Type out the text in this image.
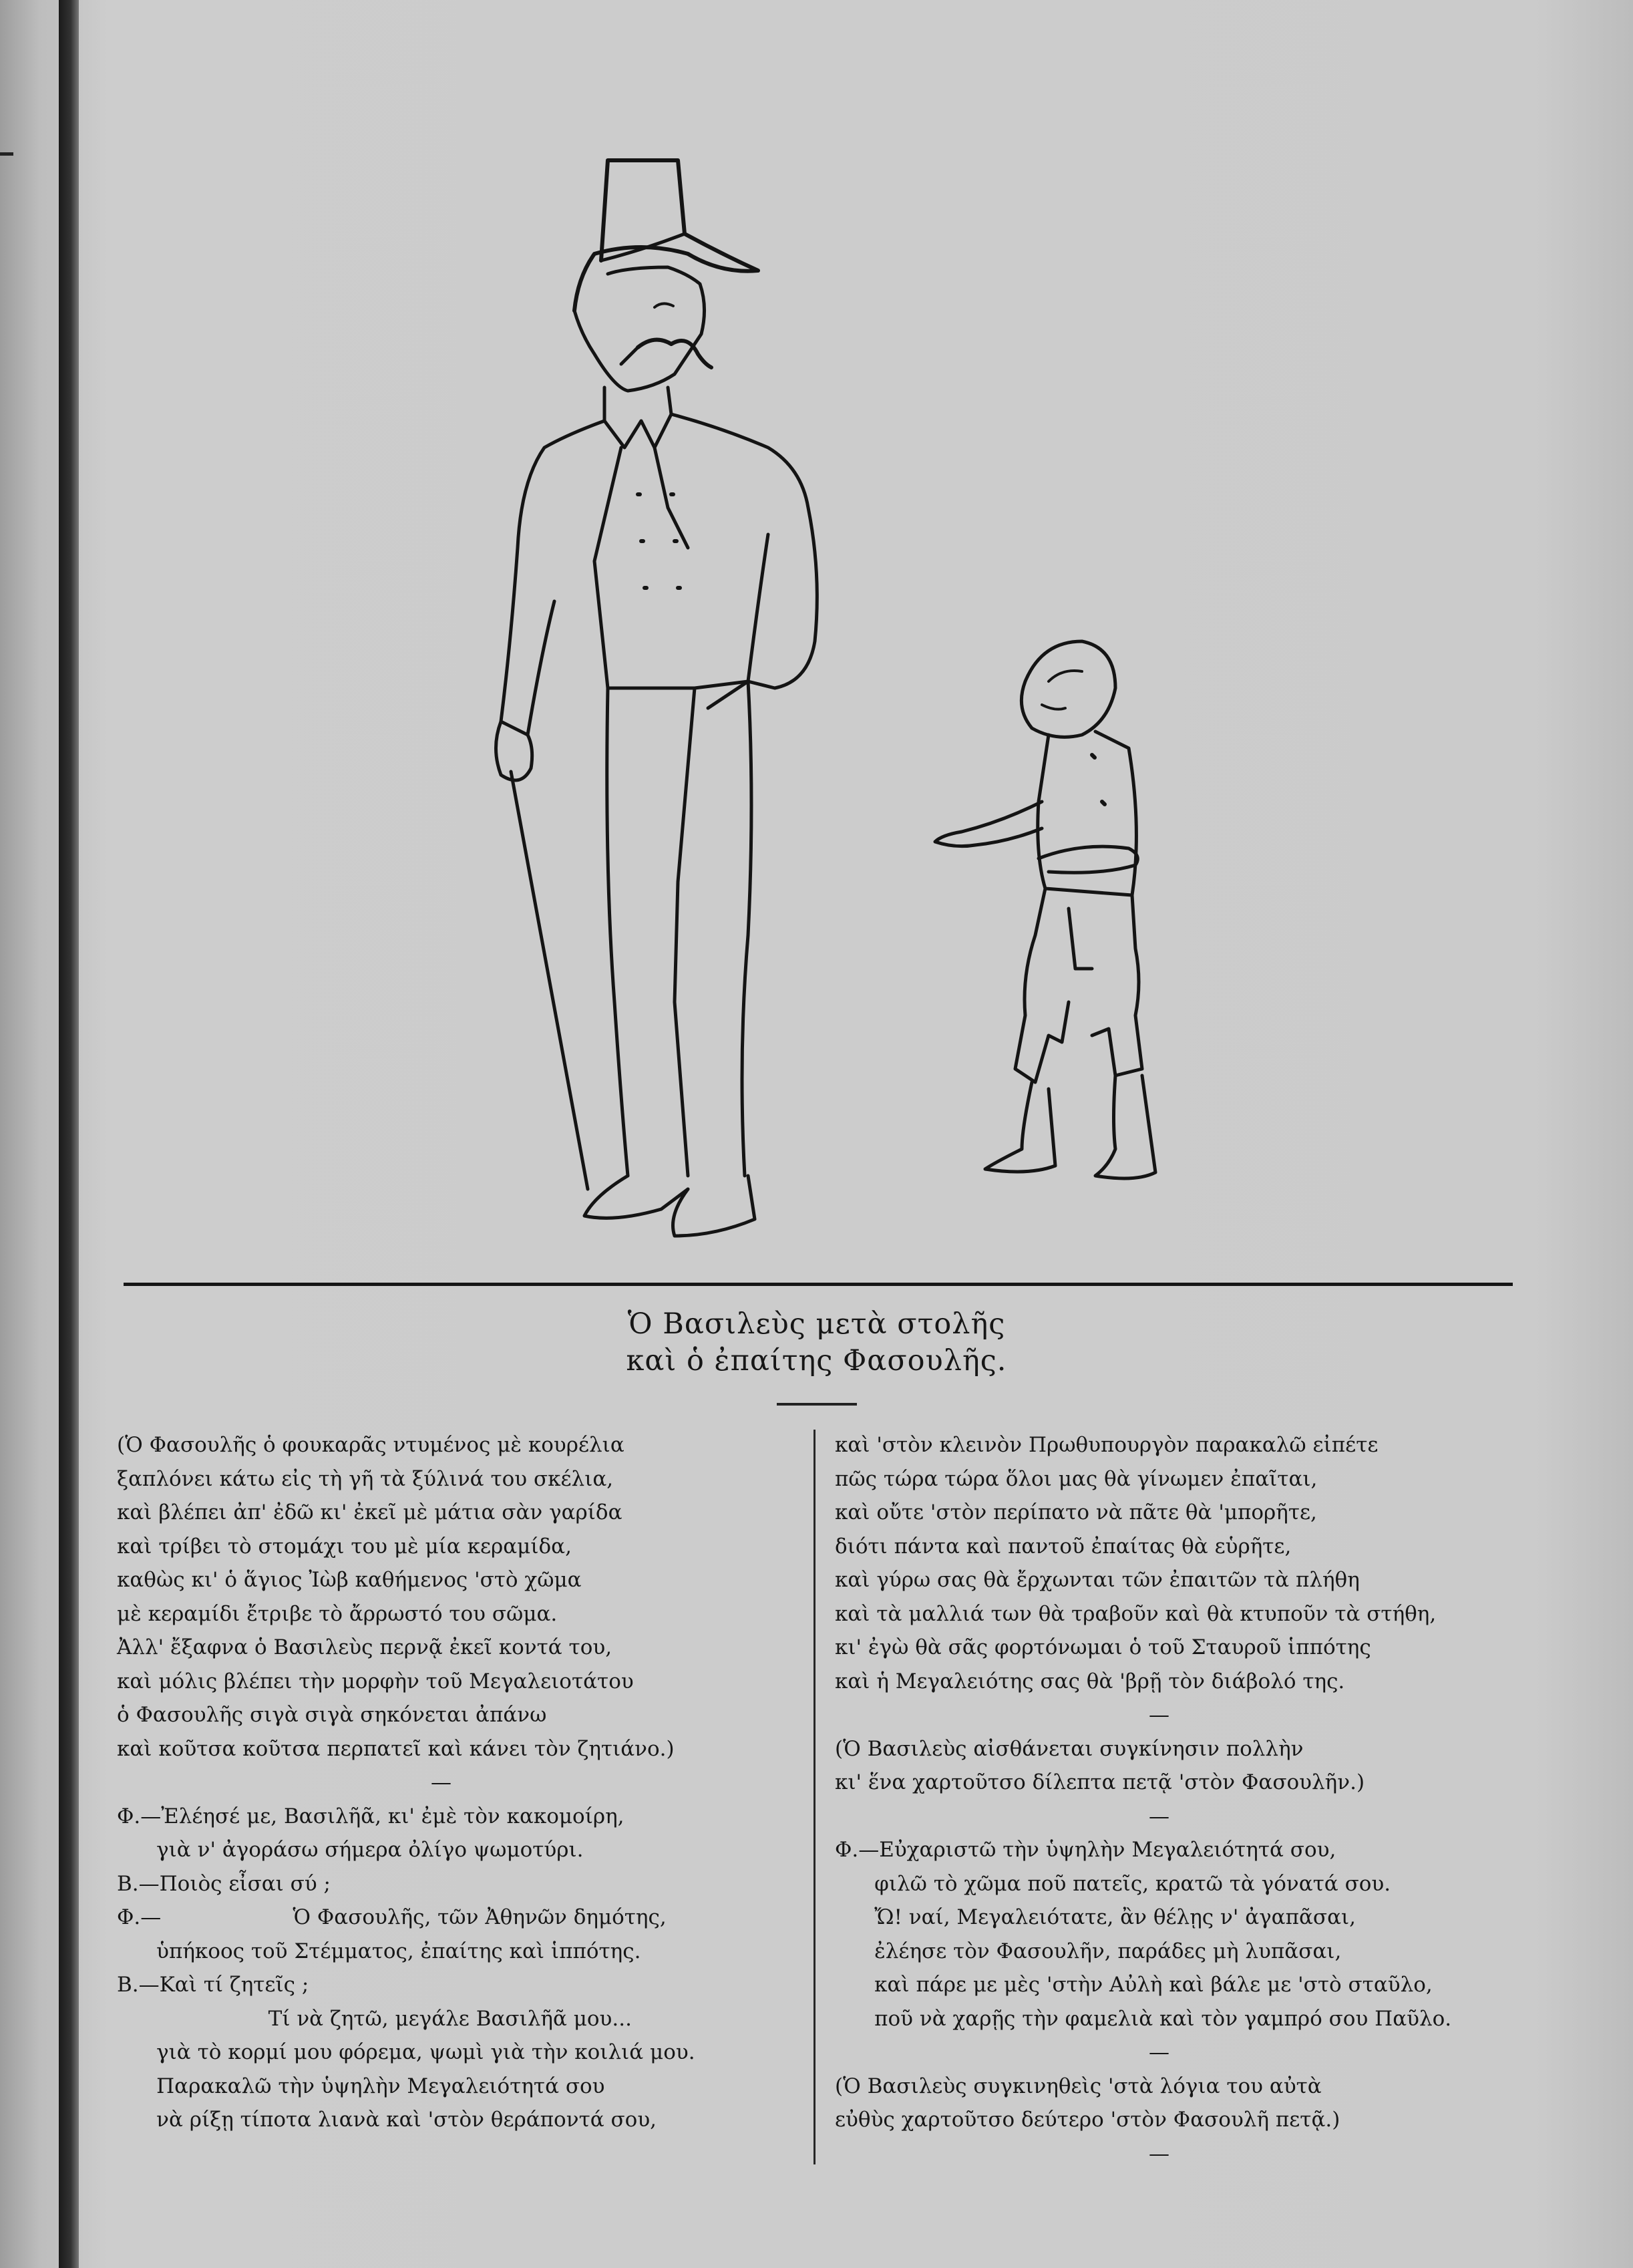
Ὁ Βασιλεὺς μετὰ στολῆς
καὶ ὁ ἐπαίτης Φασουλῆς.
(Ὁ Φασουλῆς ὁ φουκαρᾶς ντυμένος μὲ κουρέλια
ξαπλόνει κάτω εἰς τὴ γῆ τὰ ξύλινά του σκέλια,
καὶ βλέπει ἀπ' ἐδῶ κι' ἐκεῖ μὲ μάτια σὰν γαρίδα
καὶ τρίβει τὸ στομάχι του μὲ μία κεραμίδα,
καθὼς κι' ὁ ἅγιος Ἰὼβ καθήμενος 'στὸ χῶμα
μὲ κεραμίδι ἔτριβε τὸ ἄρρωστό του σῶμα.
Ἀλλ' ἔξαφνα ὁ Βασιλεὺς περνᾷ ἐκεῖ κοντά του,
καὶ μόλις βλέπει τὴν μορφὴν τοῦ Μεγαλειοτάτου
ὁ Φασουλῆς σιγὰ σιγὰ σηκόνεται ἀπάνω
καὶ κοῦτσα κοῦτσα περπατεῖ καὶ κάνει τὸν ζητιάνο.)
—
Φ.—Ἐλέησέ με, Βασιλῆᾶ, κι' ἐμὲ τὸν κακομοίρη,
γιὰ ν' ἀγοράσω σήμερα ὀλίγο ψωμοτύρι.
Β.—Ποιὸς εἶσαι σύ ;
Φ.—                    Ὁ Φασουλῆς, τῶν Ἀθηνῶν δημότης,
ὑπήκοος τοῦ Στέμματος, ἐπαίτης καὶ ἱππότης.
Β.—Καὶ τί ζητεῖς ;
Τί νὰ ζητῶ, μεγάλε Βασιλῆᾶ μου...
γιὰ τὸ κορμί μου φόρεμα, ψωμὶ γιὰ τὴν κοιλιά μου.
Παρακαλῶ τὴν ὑψηλὴν Μεγαλειότητά σου
νὰ ρίξῃ τίποτα λιανὰ καὶ 'στὸν θεράποντά σου,
καὶ 'στὸν κλεινὸν Πρωθυπουργὸν παρακαλῶ εἰπέτε
πῶς τώρα τώρα ὅλοι μας θὰ γίνωμεν ἐπαῖται,
καὶ οὔτε 'στὸν περίπατο νὰ πᾶτε θὰ 'μπορῆτε,
διότι πάντα καὶ παντοῦ ἐπαίτας θὰ εὑρῆτε,
καὶ γύρω σας θὰ ἔρχωνται τῶν ἐπαιτῶν τὰ πλήθη
καὶ τὰ μαλλιά των θὰ τραβοῦν καὶ θὰ κτυποῦν τὰ στήθη,
κι' ἐγὼ θὰ σᾶς φορτόνωμαι ὁ τοῦ Σταυροῦ ἱππότης
καὶ ἡ Μεγαλειότης σας θὰ 'βρῇ τὸν διάβολό της.
—
(Ὁ Βασιλεὺς αἰσθάνεται συγκίνησιν πολλὴν
κι' ἕνα χαρτοῦτσο δίλεπτα πετᾷ 'στὸν Φασουλῆν.)
—
Φ.—Εὐχαριστῶ τὴν ὑψηλὴν Μεγαλειότητά σου,
φιλῶ τὸ χῶμα ποῦ πατεῖς, κρατῶ τὰ γόνατά σου.
Ὤ! ναί, Μεγαλειότατε, ἂν θέλῃς ν' ἀγαπᾶσαι,
ἐλέησε τὸν Φασουλῆν, παράδες μὴ λυπᾶσαι,
καὶ πάρε με μὲς 'στὴν Αὐλὴ καὶ βάλε με 'στὸ σταῦλο,
ποῦ νὰ χαρῇς τὴν φαμελιὰ καὶ τὸν γαμπρό σου Παῦλο.
—
(Ὁ Βασιλεὺς συγκινηθεὶς 'στὰ λόγια του αὐτὰ
εὐθὺς χαρτοῦτσο δεύτερο 'στὸν Φασουλῆ πετᾷ.)
—
